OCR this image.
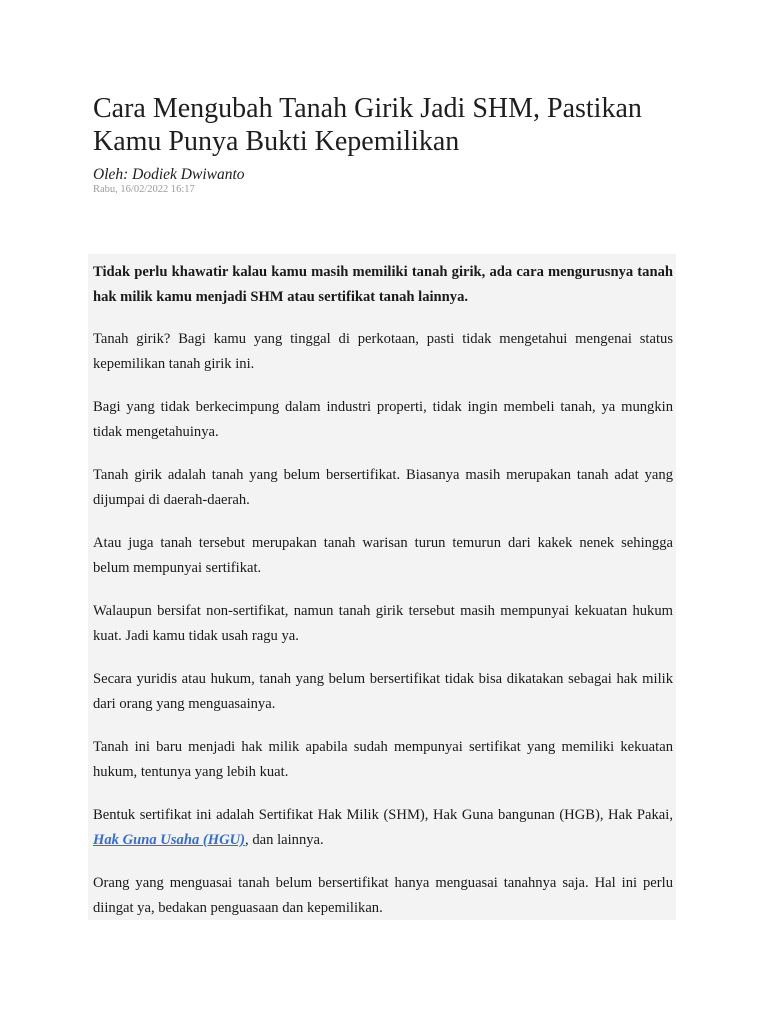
Cara Mengubah Tanah Girik Jadi SHM, Pastikan Kamu Punya Bukti Kepemilikan
Oleh: Dodiek Dwiwanto
Rabu, 16/02/2022 16:17

Tidak perlu khawatir kalau kamu masih memiliki tanah girik, ada cara mengurusnya tanah hak milik kamu menjadi SHM atau sertifikat tanah lainnya.

Tanah girik? Bagi kamu yang tinggal di perkotaan, pasti tidak mengetahui mengenai status kepemilikan tanah girik ini.

Bagi yang tidak berkecimpung dalam industri properti, tidak ingin membeli tanah, ya mungkin tidak mengetahuinya.

Tanah girik adalah tanah yang belum bersertifikat. Biasanya masih merupakan tanah adat yang dijumpai di daerah-daerah.

Atau juga tanah tersebut merupakan tanah warisan turun temurun dari kakek nenek sehingga belum mempunyai sertifikat.

Walaupun bersifat non-sertifikat, namun tanah girik tersebut masih mempunyai kekuatan hukum kuat. Jadi kamu tidak usah ragu ya.

Secara yuridis atau hukum, tanah yang belum bersertifikat tidak bisa dikatakan sebagai hak milik dari orang yang menguasainya.

Tanah ini baru menjadi hak milik apabila sudah mempunyai sertifikat yang memiliki kekuatan hukum, tentunya yang lebih kuat.

Bentuk sertifikat ini adalah Sertifikat Hak Milik (SHM), Hak Guna bangunan (HGB), Hak Pakai, Hak Guna Usaha (HGU), dan lainnya.

Orang yang menguasai tanah belum bersertifikat hanya menguasai tanahnya saja. Hal ini perlu diingat ya, bedakan penguasaan dan kepemilikan.
